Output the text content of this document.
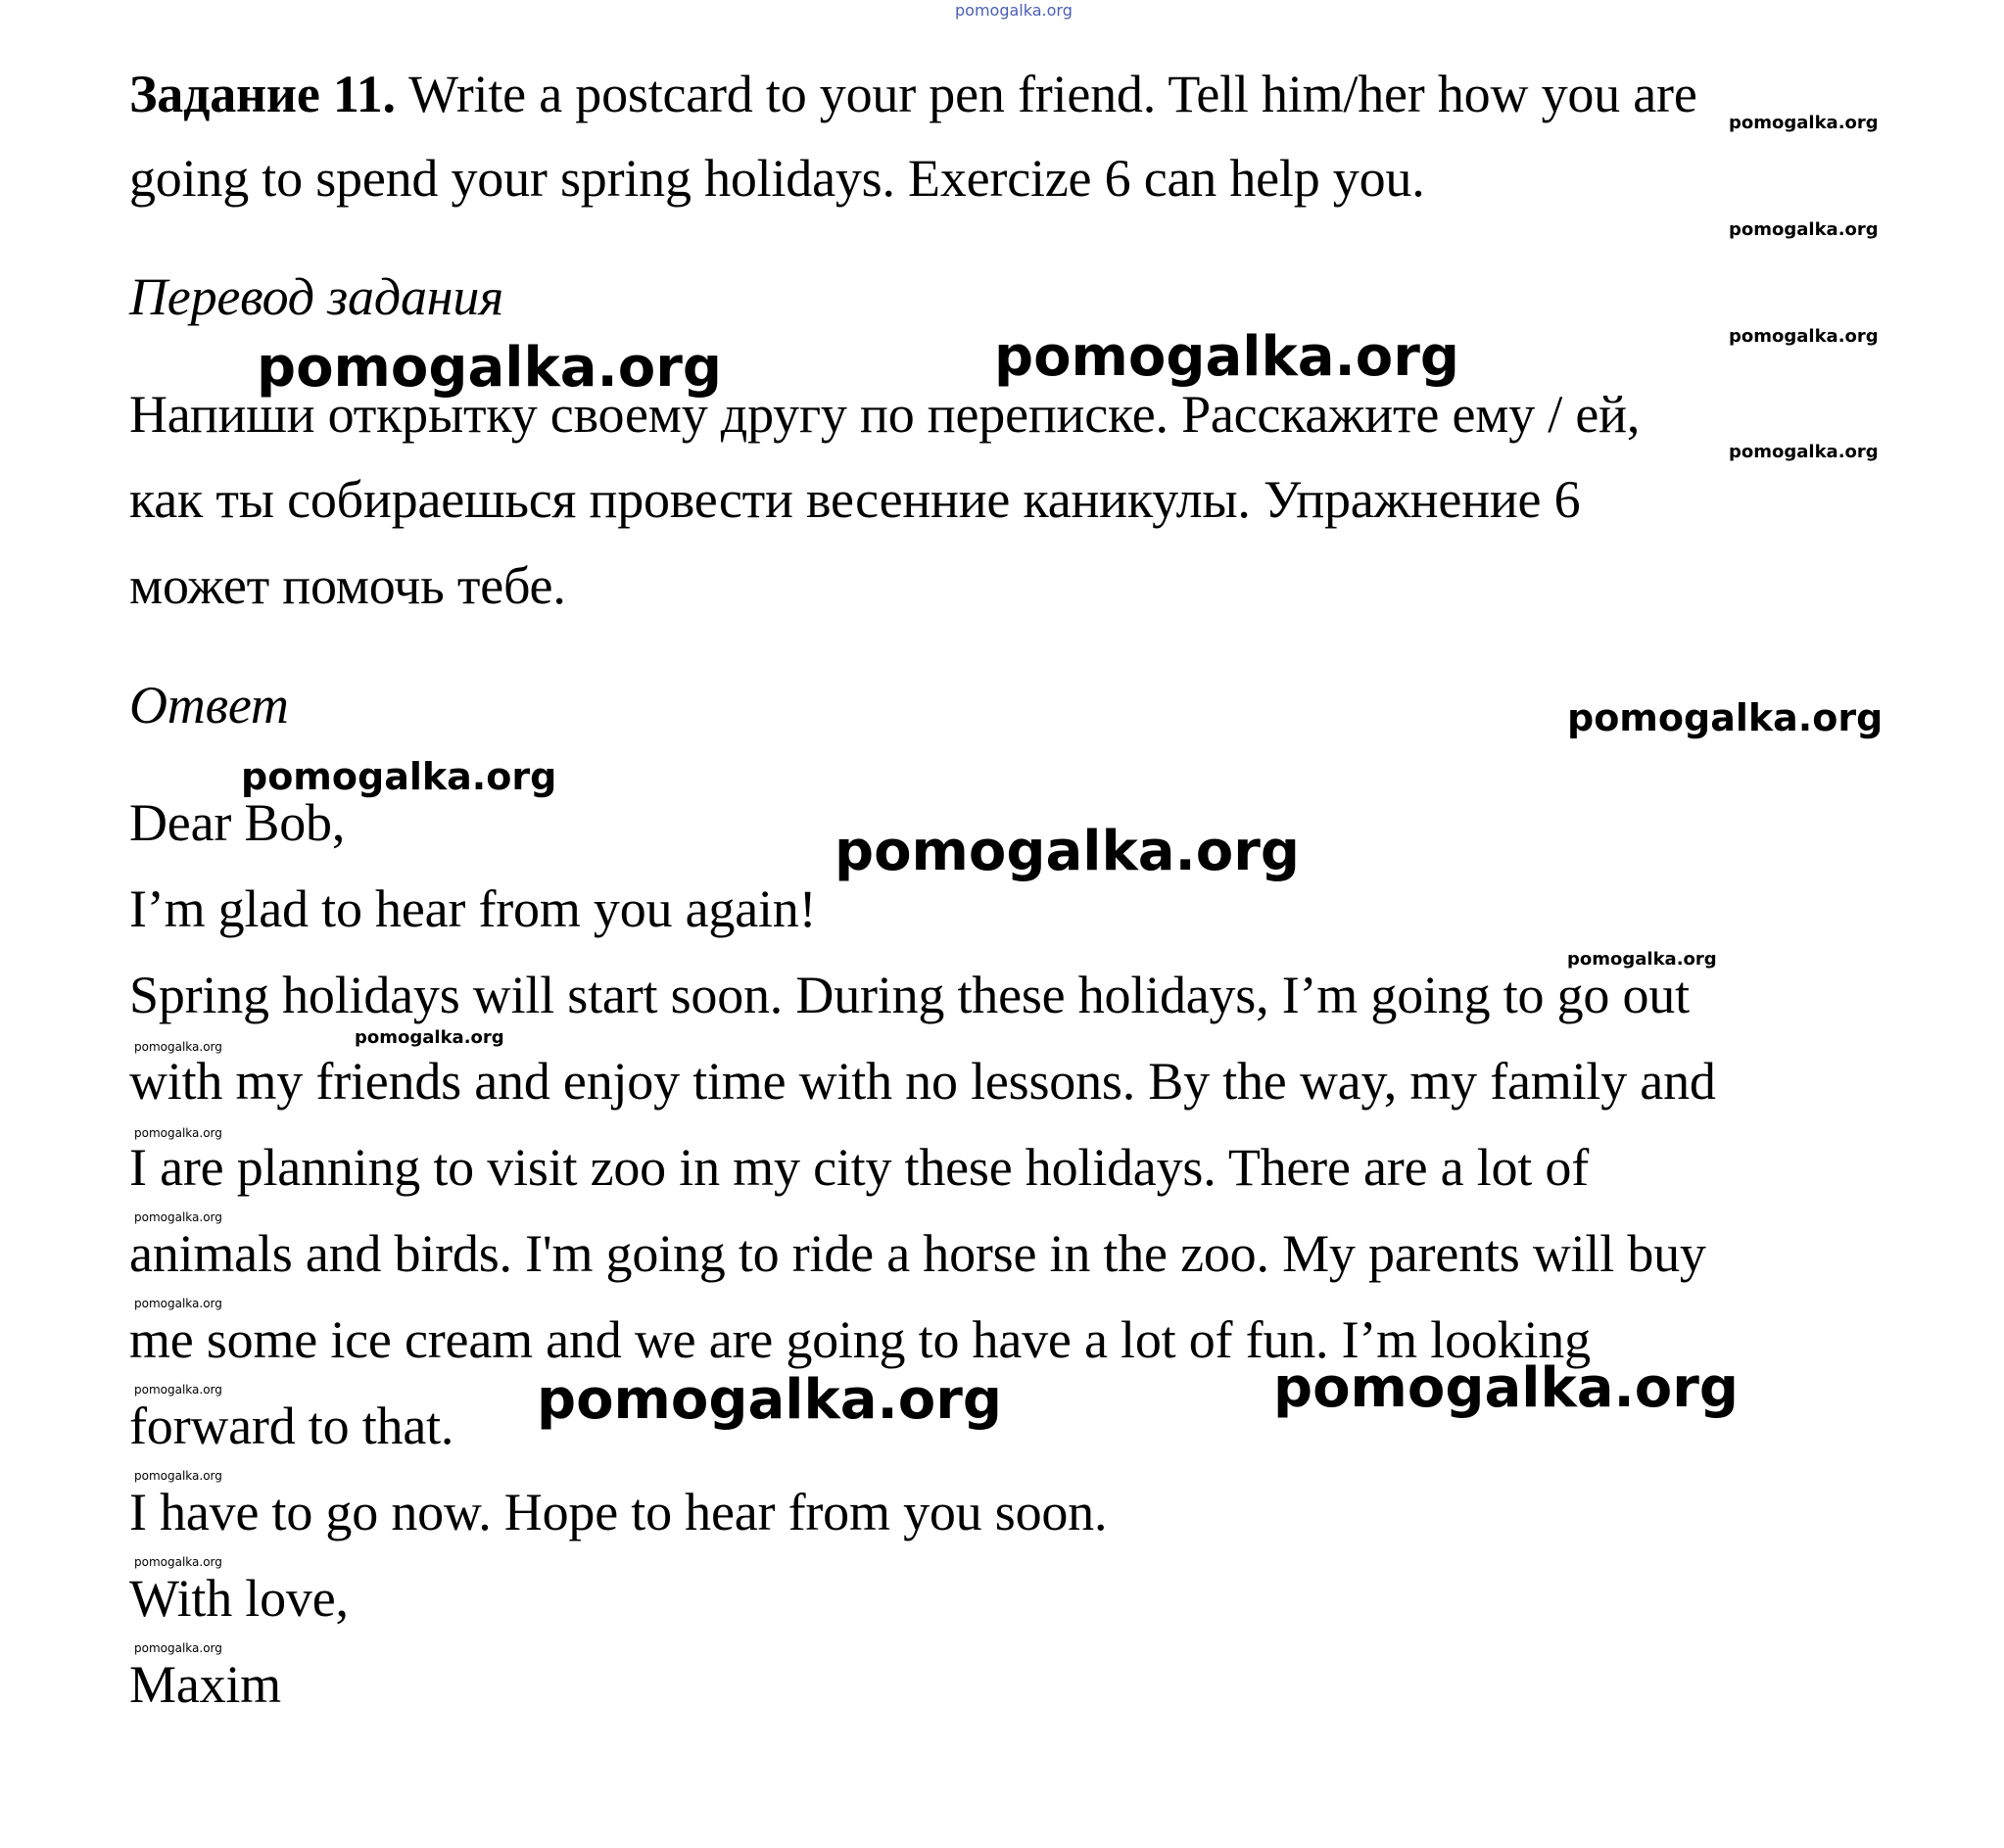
pomogalka.org
Задание 11. Write a postcard to your pen friend. Tell him/her how you are
going to spend your spring holidays. Exercize 6 can help you.
Перевод задания
Напиши открытку своему другу по переписке. Расскажите ему / ей,
как ты собираешься провести весенние каникулы. Упражнение 6
может помочь тебе.
Ответ
Dear Bob,
I’m glad to hear from you again!
Spring holidays will start soon. During these holidays, I’m going to go out
with my friends and enjoy time with no lessons. By the way, my family and
I are planning to visit zoo in my city these holidays. There are a lot of
animals and birds. I'm going to ride a horse in the zoo. My parents will buy
me some ice cream and we are going to have a lot of fun. I’m looking
forward to that.
I have to go now. Hope to hear from you soon.
With love,
Maxim
pomogalka.org
pomogalka.org
pomogalka.org
pomogalka.org
pomogalka.org	pomogalka.org
pomogalka.org
pomogalka.org
pomogalka.org
pomogalka.org
pomogalka.org
pomogalka.org
pomogalka.org
pomogalka.org
pomogalka.org
pomogalka.org
pomogalka.org
pomogalka.org
pomogalka.org
pomogalka.org	pomogalka.org
